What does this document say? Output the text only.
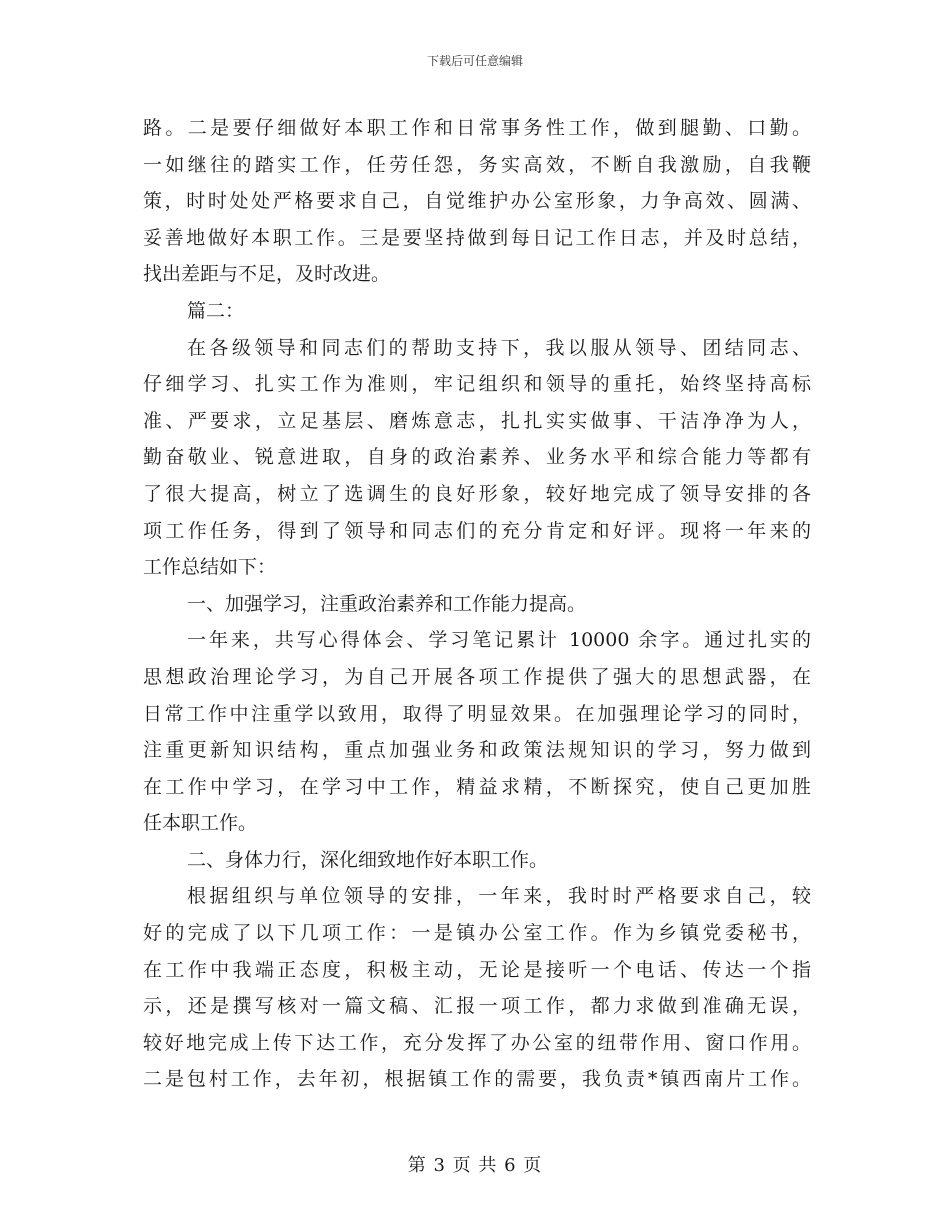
下载后可任意编辑
路。二是要仔细做好本职工作和日常事务性工作，做到腿勤、口勤。
一如继往的踏实工作，任劳任怨，务实高效，不断自我激励，自我鞭
策，时时处处严格要求自己，自觉维护办公室形象，力争高效、圆满、
妥善地做好本职工作。三是要坚持做到每日记工作日志，并及时总结，
找出差距与不足，及时改进。
篇二：
在各级领导和同志们的帮助支持下，我以服从领导、团结同志、
仔细学习、扎实工作为准则，牢记组织和领导的重托，始终坚持高标
准、严要求，立足基层、磨炼意志，扎扎实实做事、干洁净净为人，
勤奋敬业、锐意进取，自身的政治素养、业务水平和综合能力等都有
了很大提高，树立了选调生的良好形象，较好地完成了领导安排的各
项工作任务，得到了领导和同志们的充分肯定和好评。现将一年来的
工作总结如下：
一、加强学习，注重政治素养和工作能力提高。
一年来，共写心得体会、学习笔记累计 10000 余字。通过扎实的
思想政治理论学习，为自己开展各项工作提供了强大的思想武器，在
日常工作中注重学以致用，取得了明显效果。在加强理论学习的同时，
注重更新知识结构，重点加强业务和政策法规知识的学习，努力做到
在工作中学习，在学习中工作，精益求精，不断探究，使自己更加胜
任本职工作。
二、身体力行，深化细致地作好本职工作。
根据组织与单位领导的安排，一年来，我时时严格要求自己，较
好的完成了以下几项工作：一是镇办公室工作。作为乡镇党委秘书，
在工作中我端正态度，积极主动，无论是接听一个电话、传达一个指
示，还是撰写核对一篇文稿、汇报一项工作，都力求做到准确无误，
较好地完成上传下达工作，充分发挥了办公室的纽带作用、窗口作用。
二是包村工作，去年初，根据镇工作的需要，我负责*镇西南片工作。
第 3 页 共 6 页
